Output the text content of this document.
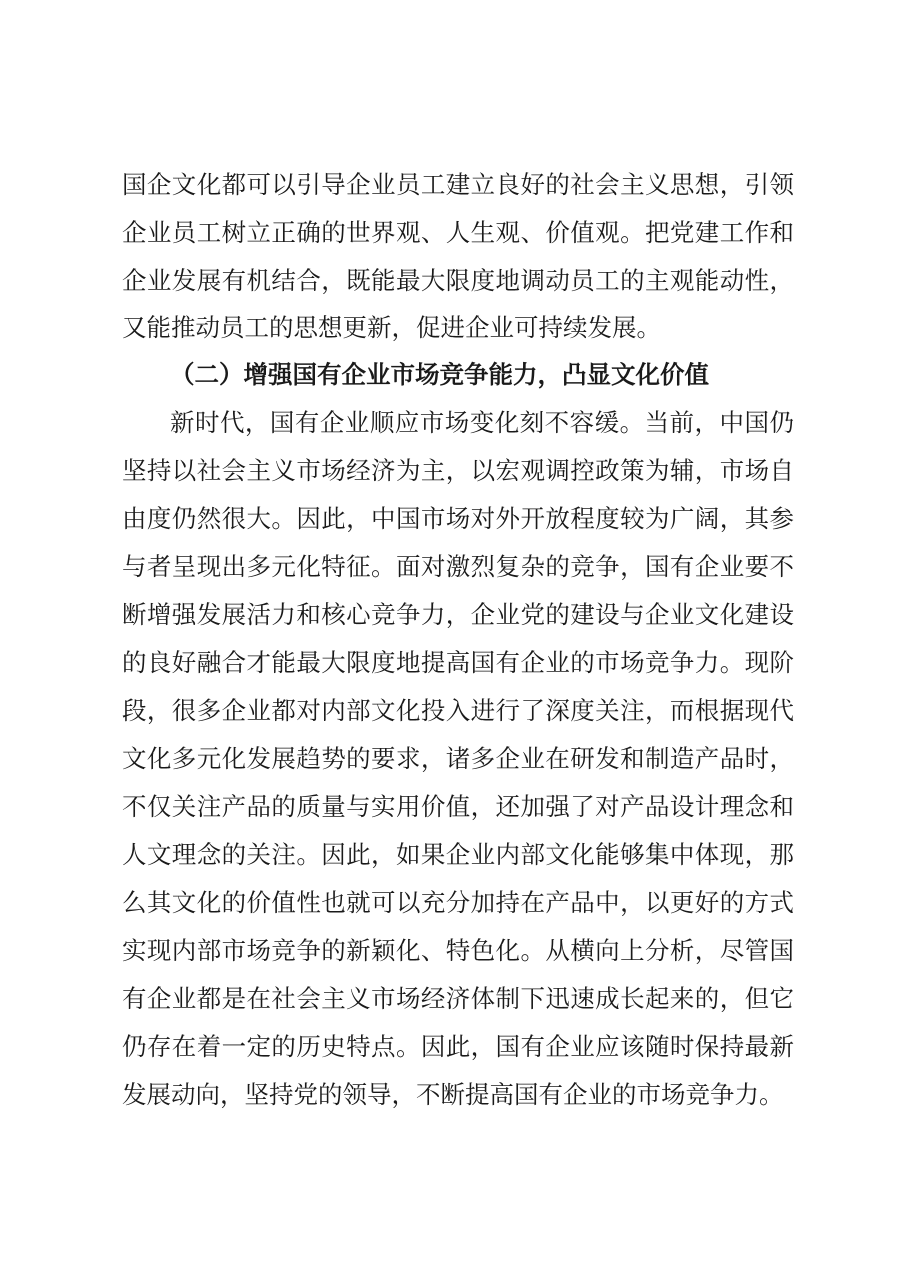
国企文化都可以引导企业员工建立良好的社会主义思想，引领
企业员工树立正确的世界观、人生观、价值观。把党建工作和
企业发展有机结合，既能最大限度地调动员工的主观能动性，
又能推动员工的思想更新，促进企业可持续发展。
（二）增强国有企业市场竞争能力，凸显文化价值
新时代，国有企业顺应市场变化刻不容缓。当前，中国仍
坚持以社会主义市场经济为主，以宏观调控政策为辅，市场自
由度仍然很大。因此，中国市场对外开放程度较为广阔，其参
与者呈现出多元化特征。面对激烈复杂的竞争，国有企业要不
断增强发展活力和核心竞争力，企业党的建设与企业文化建设
的良好融合才能最大限度地提高国有企业的市场竞争力。现阶
段，很多企业都对内部文化投入进行了深度关注，而根据现代
文化多元化发展趋势的要求，诸多企业在研发和制造产品时，
不仅关注产品的质量与实用价值，还加强了对产品设计理念和
人文理念的关注。因此，如果企业内部文化能够集中体现，那
么其文化的价值性也就可以充分加持在产品中，以更好的方式
实现内部市场竞争的新颖化、特色化。从横向上分析，尽管国
有企业都是在社会主义市场经济体制下迅速成长起来的，但它
仍存在着一定的历史特点。因此，国有企业应该随时保持最新
发展动向，坚持党的领导，不断提高国有企业的市场竞争力。
